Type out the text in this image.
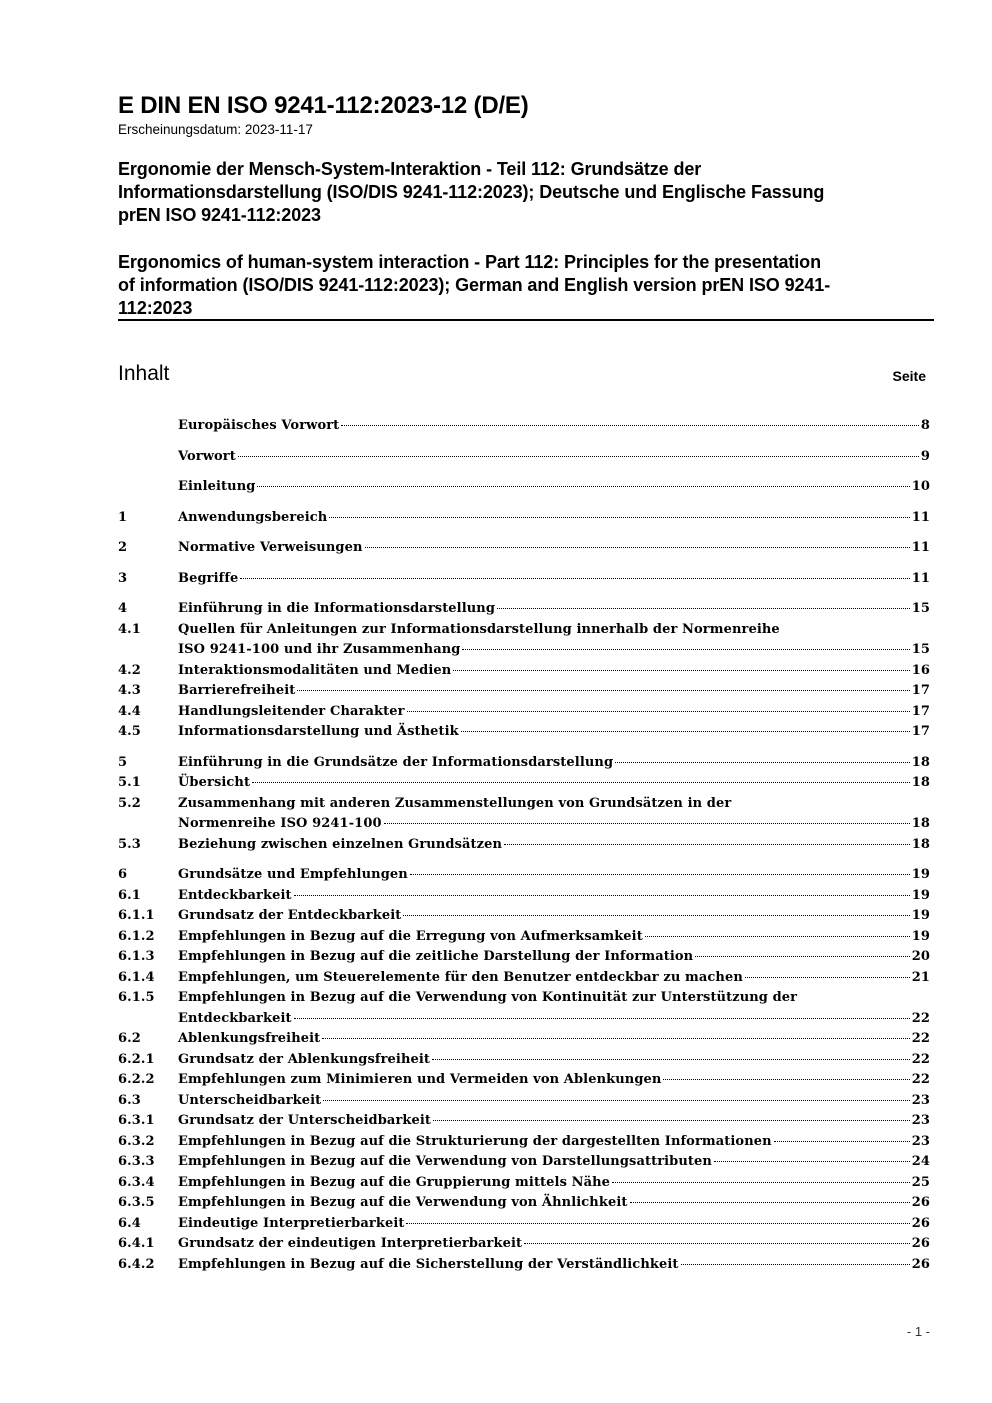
E DIN EN ISO 9241-112:2023-12 (D/E)
Erscheinungsdatum: 2023-11-17
Ergonomie der Mensch-System-Interaktion - Teil 112: Grundsätze der
Informationsdarstellung (ISO/DIS 9241-112:2023); Deutsche und Englische Fassung
prEN ISO 9241-112:2023
Ergonomics of human-system interaction - Part 112: Principles for the presentation
of information (ISO/DIS 9241-112:2023); German and English version prEN ISO 9241-
112:2023
Inhalt	Seite
Europäisches Vorwort	8
Vorwort	9
Einleitung	10
1	Anwendungsbereich	11
2	Normative Verweisungen	11
3	Begriffe	11
4	Einführung in die Informationsdarstellung	15
4.1	Quellen für Anleitungen zur Informationsdarstellung innerhalb der Normenreihe
ISO 9241-100 und ihr Zusammenhang	15
4.2	Interaktionsmodalitäten und Medien	16
4.3	Barrierefreiheit	17
4.4	Handlungsleitender Charakter	17
4.5	Informationsdarstellung und Ästhetik	17
5	Einführung in die Grundsätze der Informationsdarstellung	18
5.1	Übersicht	18
5.2	Zusammenhang mit anderen Zusammenstellungen von Grundsätzen in der
Normenreihe ISO 9241-100	18
5.3	Beziehung zwischen einzelnen Grundsätzen	18
6	Grundsätze und Empfehlungen	19
6.1	Entdeckbarkeit	19
6.1.1	Grundsatz der Entdeckbarkeit	19
6.1.2	Empfehlungen in Bezug auf die Erregung von Aufmerksamkeit	19
6.1.3	Empfehlungen in Bezug auf die zeitliche Darstellung der Information	20
6.1.4	Empfehlungen, um Steuerelemente für den Benutzer entdeckbar zu machen	21
6.1.5	Empfehlungen in Bezug auf die Verwendung von Kontinuität zur Unterstützung der
Entdeckbarkeit	22
6.2	Ablenkungsfreiheit	22
6.2.1	Grundsatz der Ablenkungsfreiheit	22
6.2.2	Empfehlungen zum Minimieren und Vermeiden von Ablenkungen	22
6.3	Unterscheidbarkeit	23
6.3.1	Grundsatz der Unterscheidbarkeit	23
6.3.2	Empfehlungen in Bezug auf die Strukturierung der dargestellten Informationen	23
6.3.3	Empfehlungen in Bezug auf die Verwendung von Darstellungsattributen	24
6.3.4	Empfehlungen in Bezug auf die Gruppierung mittels Nähe	25
6.3.5	Empfehlungen in Bezug auf die Verwendung von Ähnlichkeit	26
6.4	Eindeutige Interpretierbarkeit	26
6.4.1	Grundsatz der eindeutigen Interpretierbarkeit	26
6.4.2	Empfehlungen in Bezug auf die Sicherstellung der Verständlichkeit	26
- 1 -
